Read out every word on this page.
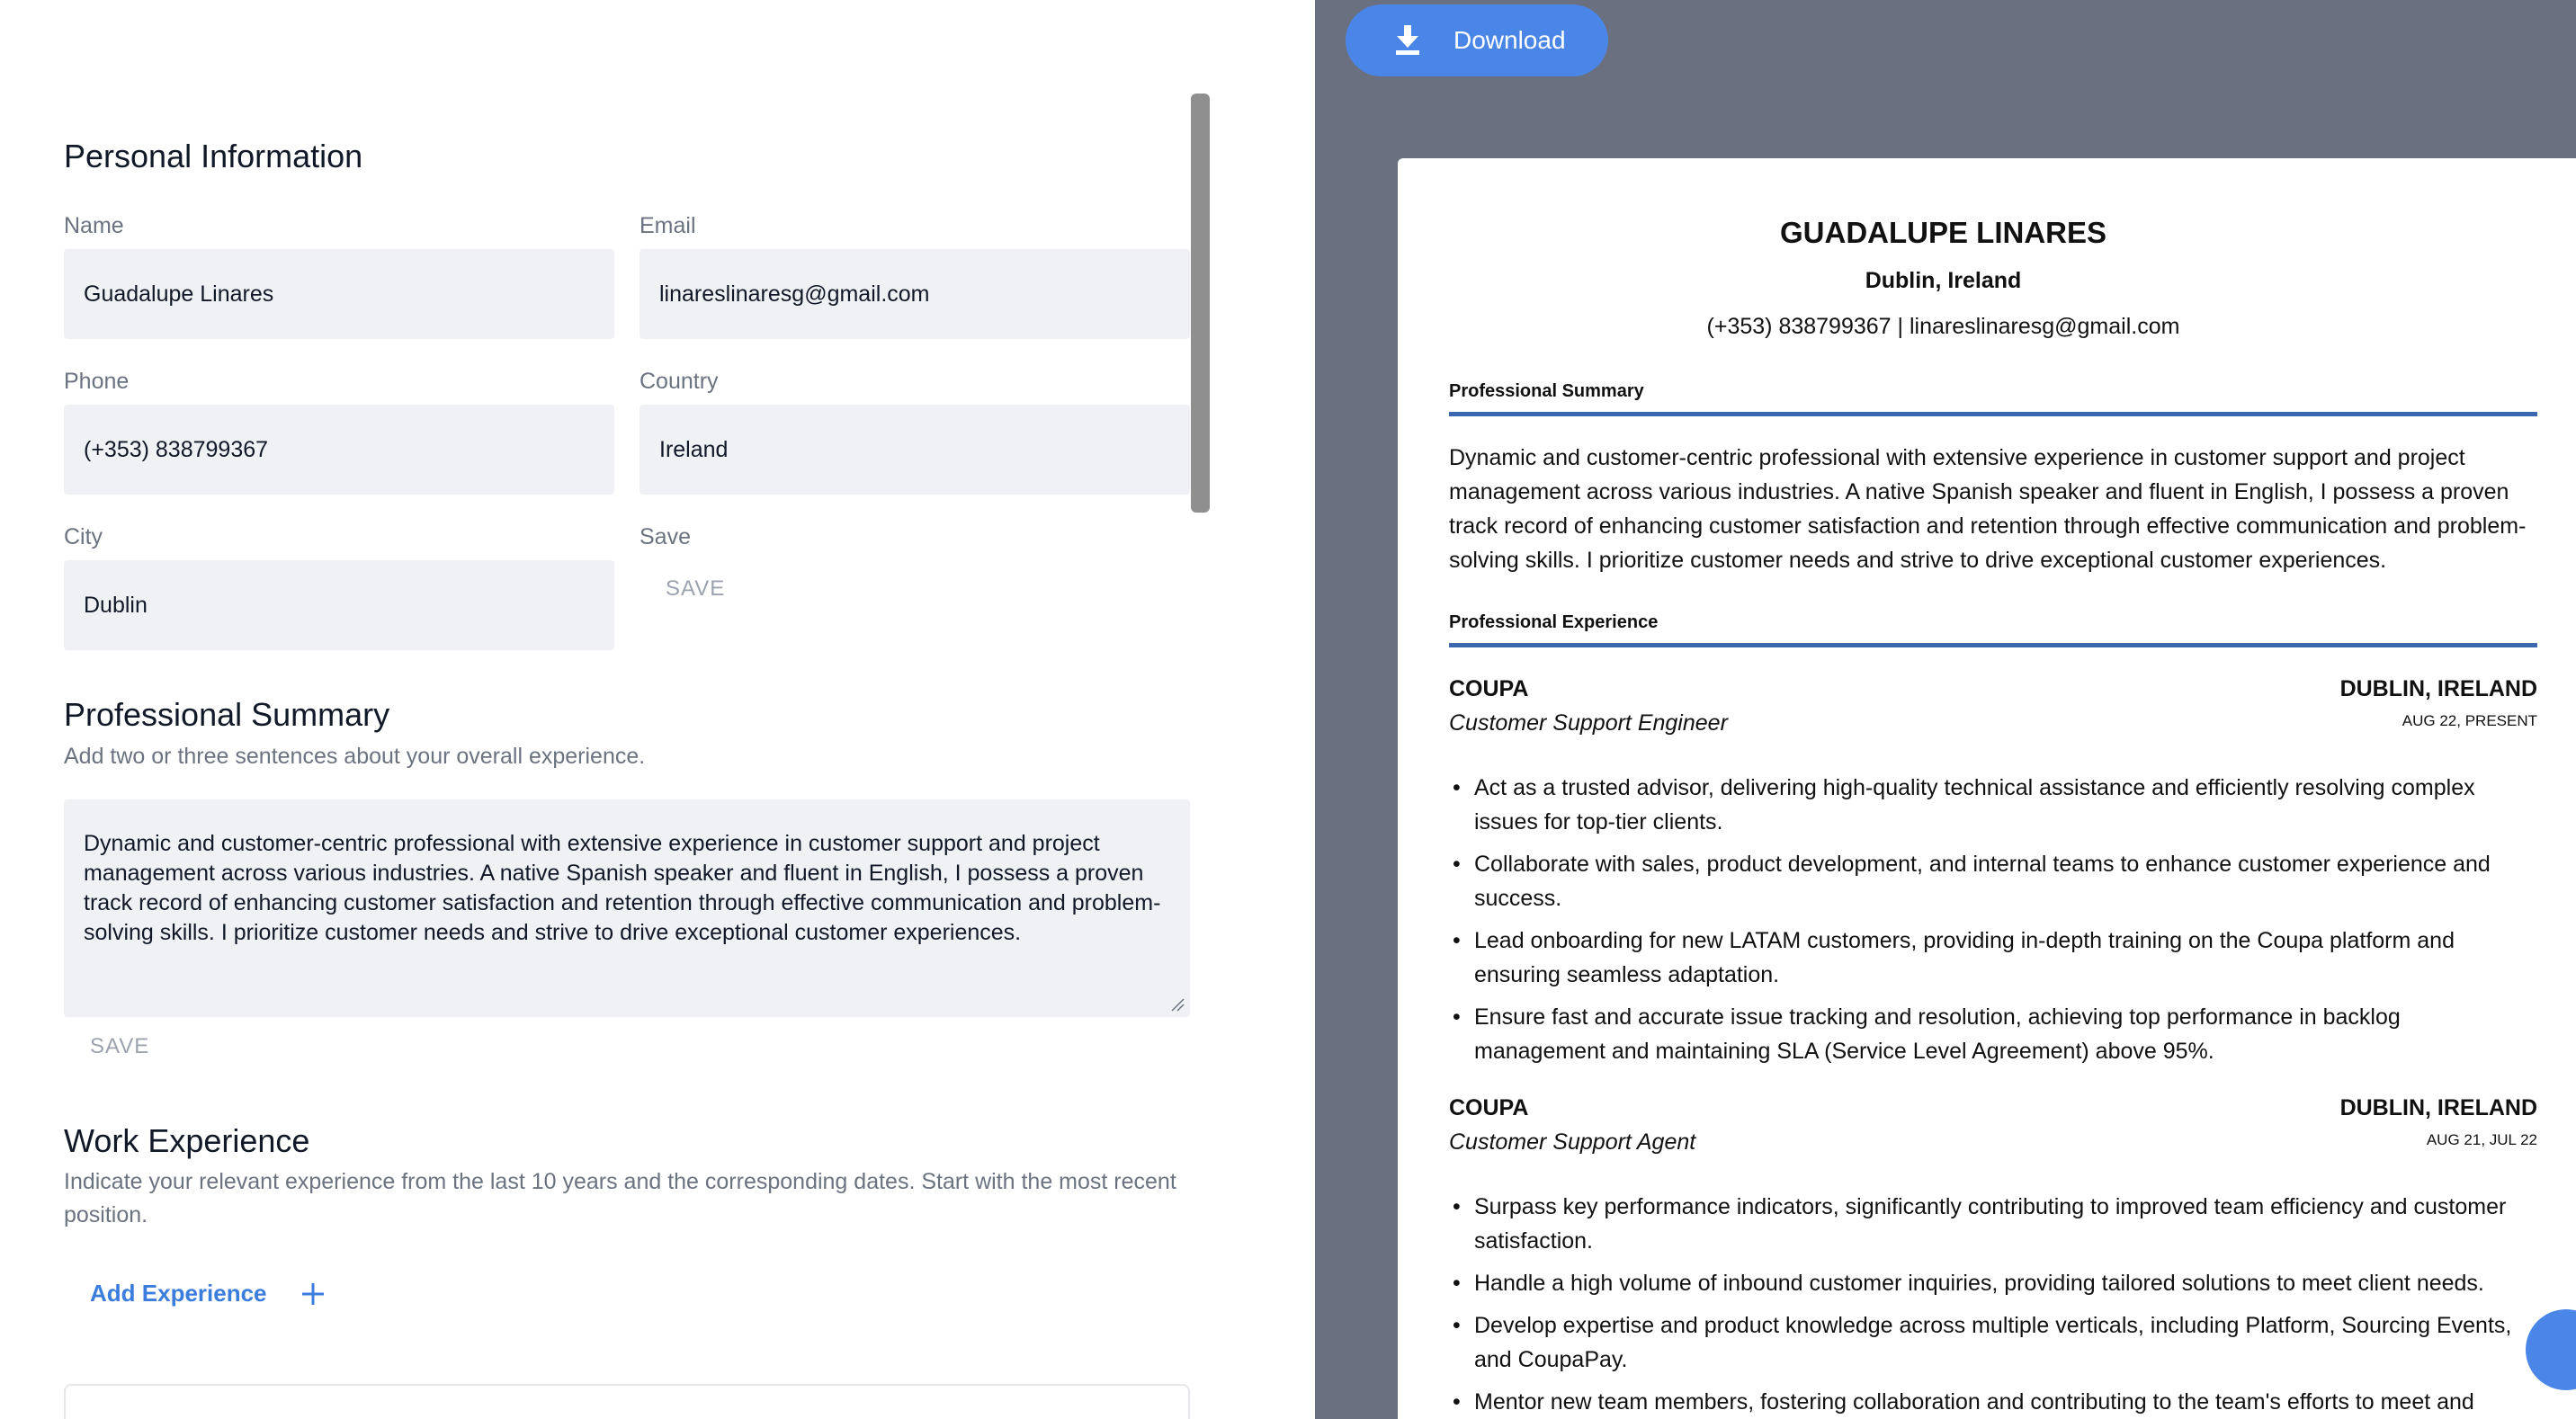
Personal Information
Name
Guadalupe Linares
Email
linareslinaresg@gmail.com
Phone
(+353) 838799367
Country
Ireland
City
Dublin
Save
SAVE
Professional Summary
Add two or three sentences about your overall experience.
Dynamic and customer-centric professional with extensive experience in customer support and project management across various industries. A native Spanish speaker and fluent in English, I possess a proven track record of enhancing customer satisfaction and retention through effective communication and problem-solving skills. I prioritize customer needs and strive to drive exceptional customer experiences.
SAVE
Work Experience
Indicate your relevant experience from the last 10 years and the corresponding dates. Start with the most recent position.
Add Experience
Download
GUADALUPE LINARES
Dublin, Ireland
(+353) 838799367 | linareslinaresg@gmail.com
Professional Summary
Dynamic and customer-centric professional with extensive experience in customer support and project management across various industries. A native Spanish speaker and fluent in English, I possess a proven track record of enhancing customer satisfaction and retention through effective communication and problem-solving skills. I prioritize customer needs and strive to drive exceptional customer experiences.
Professional Experience
COUPA	DUBLIN, IRELAND
Customer Support Engineer	AUG 22, PRESENT
• Act as a trusted advisor, delivering high-quality technical assistance and efficiently resolving complex issues for top-tier clients.
• Collaborate with sales, product development, and internal teams to enhance customer experience and success.
• Lead onboarding for new LATAM customers, providing in-depth training on the Coupa platform and ensuring seamless adaptation.
• Ensure fast and accurate issue tracking and resolution, achieving top performance in backlog management and maintaining SLA (Service Level Agreement) above 95%.
COUPA	DUBLIN, IRELAND
Customer Support Agent	AUG 21, JUL 22
• Surpass key performance indicators, significantly contributing to improved team efficiency and customer satisfaction.
• Handle a high volume of inbound customer inquiries, providing tailored solutions to meet client needs.
• Develop expertise and product knowledge across multiple verticals, including Platform, Sourcing Events, and CoupaPay.
• Mentor new team members, fostering collaboration and contributing to the team's efforts to meet and
